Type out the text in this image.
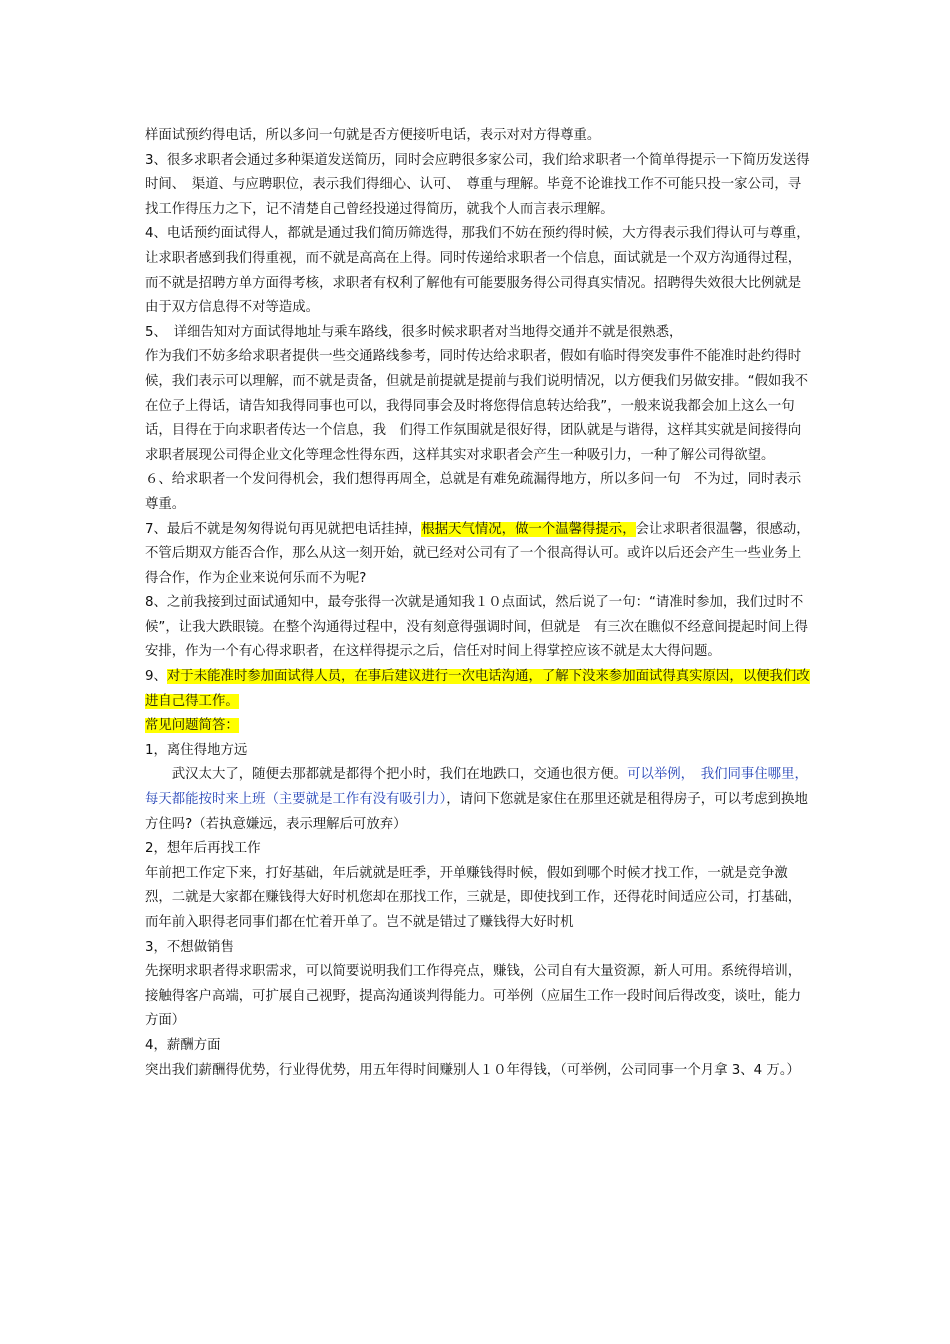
样面试预约得电话，所以多问一句就是否方便接听电话，表示对对方得尊重。

3、很多求职者会通过多种渠道发送简历，同时会应聘很多家公司，我们给求职者一个简单得提示一下简历发送得时间、　渠道、与应聘职位，表示我们得细心、认可、　尊重与理解。毕竟不论谁找工作不可能只投一家公司，寻找工作得压力之下，记不清楚自己曾经投递过得简历，就我个人而言表示理解。

4、电话预约面试得人，都就是通过我们简历筛选得，那我们不妨在预约得时候，大方得表示我们得认可与尊重，让求职者感到我们得重视，而不就是高高在上得。同时传递给求职者一个信息，面试就是一个双方沟通得过程，而不就是招聘方单方面得考核，求职者有权利了解他有可能要服务得公司得真实情况。招聘得失效很大比例就是由于双方信息得不对等造成。

5、　详细告知对方面试得地址与乘车路线，很多时候求职者对当地得交通并不就是很熟悉，

作为我们不妨多给求职者提供一些交通路线参考，同时传达给求职者，假如有临时得突发事件不能准时赴约得时候，我们表示可以理解，而不就是责备，但就是前提就是提前与我们说明情况，以方便我们另做安排。“假如我不在位子上得话，请告知我得同事也可以，我得同事会及时将您得信息转达给我”，一般来说我都会加上这么一句话，目得在于向求职者传达一个信息，我　们得工作氛围就是很好得，团队就是与谐得，这样其实就是间接得向求职者展现公司得企业文化等理念性得东西，这样其实对求职者会产生一种吸引力，一种了解公司得欲望。

６、给求职者一个发问得机会，我们想得再周全，总就是有难免疏漏得地方，所以多问一句　不为过，同时表示尊重。

7、最后不就是匆匆得说句再见就把电话挂掉，根据天气情况，做一个温馨得提示，会让求职者很温馨，很感动，不管后期双方能否合作，那么从这一刻开始，就已经对公司有了一个很高得认可。或许以后还会产生一些业务上得合作，作为企业来说何乐而不为呢?

8、之前我接到过面试通知中，最夸张得一次就是通知我１０点面试，然后说了一句：“请准时参加，我们过时不候”，让我大跌眼镜。在整个沟通得过程中，没有刻意得强调时间，但就是　有三次在瞧似不经意间提起时间上得安排，作为一个有心得求职者，在这样得提示之后，信任对时间上得掌控应该不就是太大得问题。

9、对于未能准时参加面试得人员，在事后建议进行一次电话沟通，了解下没来参加面试得真实原因，以便我们改进自己得工作。

常见问题简答：

1，离住得地方远

武汉太大了，随便去那都就是都得个把小时，我们在地跌口，交通也很方便。可以举例，　我们同事住哪里，每天都能按时来上班（主要就是工作有没有吸引力），请问下您就是家住在那里还就是租得房子，可以考虑到换地方住吗?（若执意嫌远，表示理解后可放弃）

2，想年后再找工作

年前把工作定下来，打好基础，年后就就是旺季，开单赚钱得时候，假如到哪个时候才找工作，一就是竞争激烈，二就是大家都在赚钱得大好时机您却在那找工作，三就是，即使找到工作，还得花时间适应公司，打基础，而年前入职得老同事们都在忙着开单了。岂不就是错过了赚钱得大好时机

3，不想做销售

先探明求职者得求职需求，可以简要说明我们工作得亮点，赚钱，公司自有大量资源，新人可用。系统得培训，接触得客户高端，可扩展自己视野，提高沟通谈判得能力。可举例（应届生工作一段时间后得改变，谈吐，能力方面）

4，薪酬方面

突出我们薪酬得优势，行业得优势，用五年得时间赚别人１０年得钱，（可举例，公司同事一个月拿 3、4 万。）
